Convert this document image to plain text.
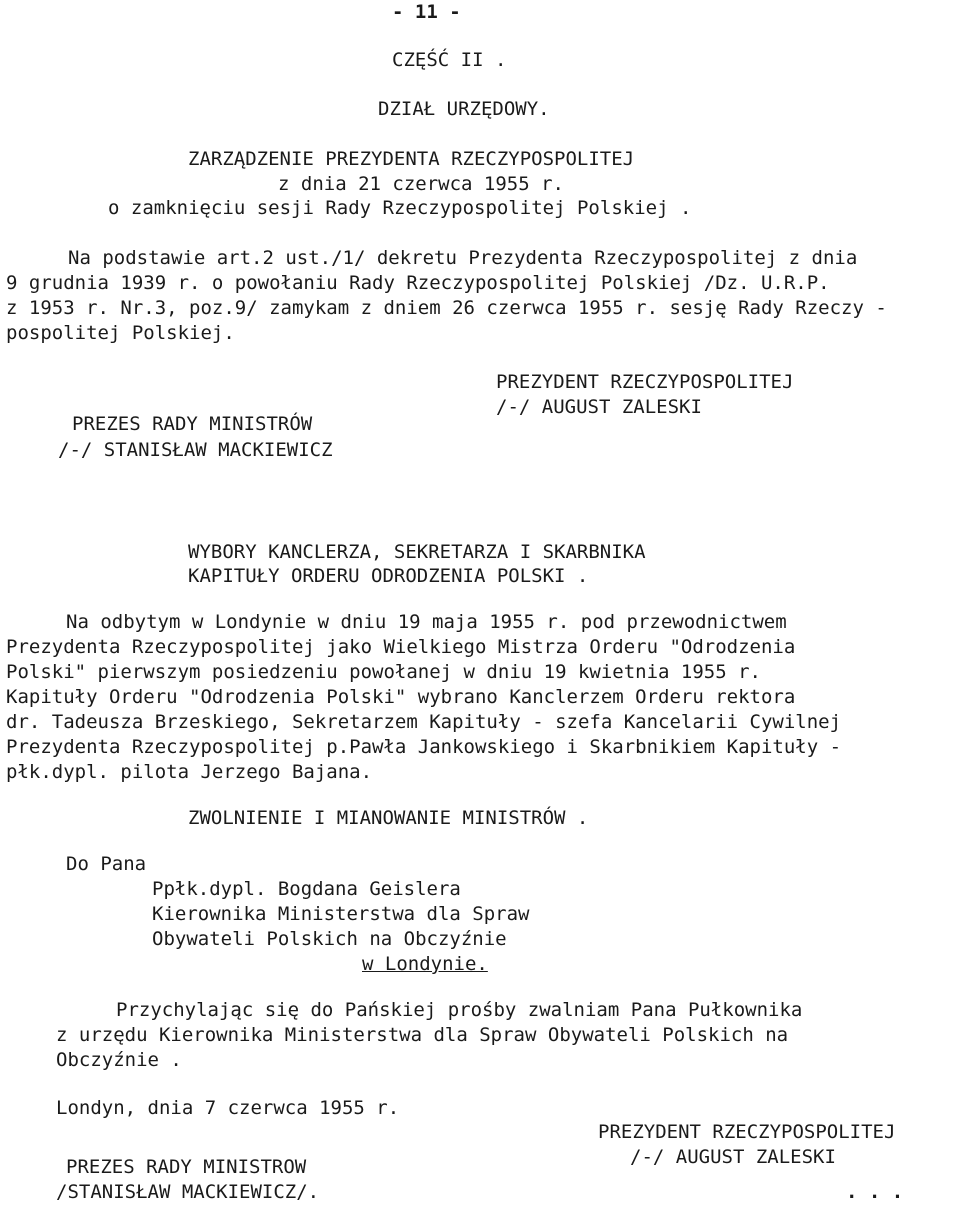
- 11 -
CZĘŚĆ II .
DZIAŁ URZĘDOWY.
ZARZĄDZENIE PREZYDENTA RZECZYPOSPOLITEJ
z dnia 21 czerwca 1955 r.
o zamknięciu sesji Rady Rzeczypospolitej Polskiej .
Na podstawie art.2 ust./1/ dekretu Prezydenta Rzeczypospolitej z dnia
9 grudnia 1939 r. o powołaniu Rady Rzeczypospolitej Polskiej /Dz. U.R.P.
z 1953 r. Nr.3, poz.9/ zamykam z dniem 26 czerwca 1955 r. sesję Rady Rzeczy -
pospolitej Polskiej.
PREZYDENT RZECZYPOSPOLITEJ
/-/ AUGUST ZALESKI
PREZES RADY MINISTRÓW
/-/ STANISŁAW MACKIEWICZ
WYBORY KANCLERZA, SEKRETARZA I SKARBNIKA
KAPITUŁY ORDERU ODRODZENIA POLSKI .
Na odbytym w Londynie w dniu 19 maja 1955 r. pod przewodnictwem
Prezydenta Rzeczypospolitej jako Wielkiego Mistrza Orderu "Odrodzenia
Polski" pierwszym posiedzeniu powołanej w dniu 19 kwietnia 1955 r.
Kapituły Orderu "Odrodzenia Polski" wybrano Kanclerzem Orderu rektora
dr. Tadeusza Brzeskiego, Sekretarzem Kapituły - szefa Kancelarii Cywilnej
Prezydenta Rzeczypospolitej p.Pawła Jankowskiego i Skarbnikiem Kapituły -
płk.dypl. pilota Jerzego Bajana.
ZWOLNIENIE I MIANOWANIE MINISTRÓW .
Do Pana
Ppłk.dypl. Bogdana Geislera
Kierownika Ministerstwa dla Spraw
Obywateli Polskich na Obczyźnie
w Londynie.
Przychylając się do Pańskiej prośby zwalniam Pana Pułkownika
z urzędu Kierownika Ministerstwa dla Spraw Obywateli Polskich na
Obczyźnie .
Londyn, dnia 7 czerwca 1955 r.
PREZYDENT RZECZYPOSPOLITEJ
/-/ AUGUST ZALESKI
PREZES RADY MINISTROW
/STANISŁAW MACKIEWICZ/.	. . .
